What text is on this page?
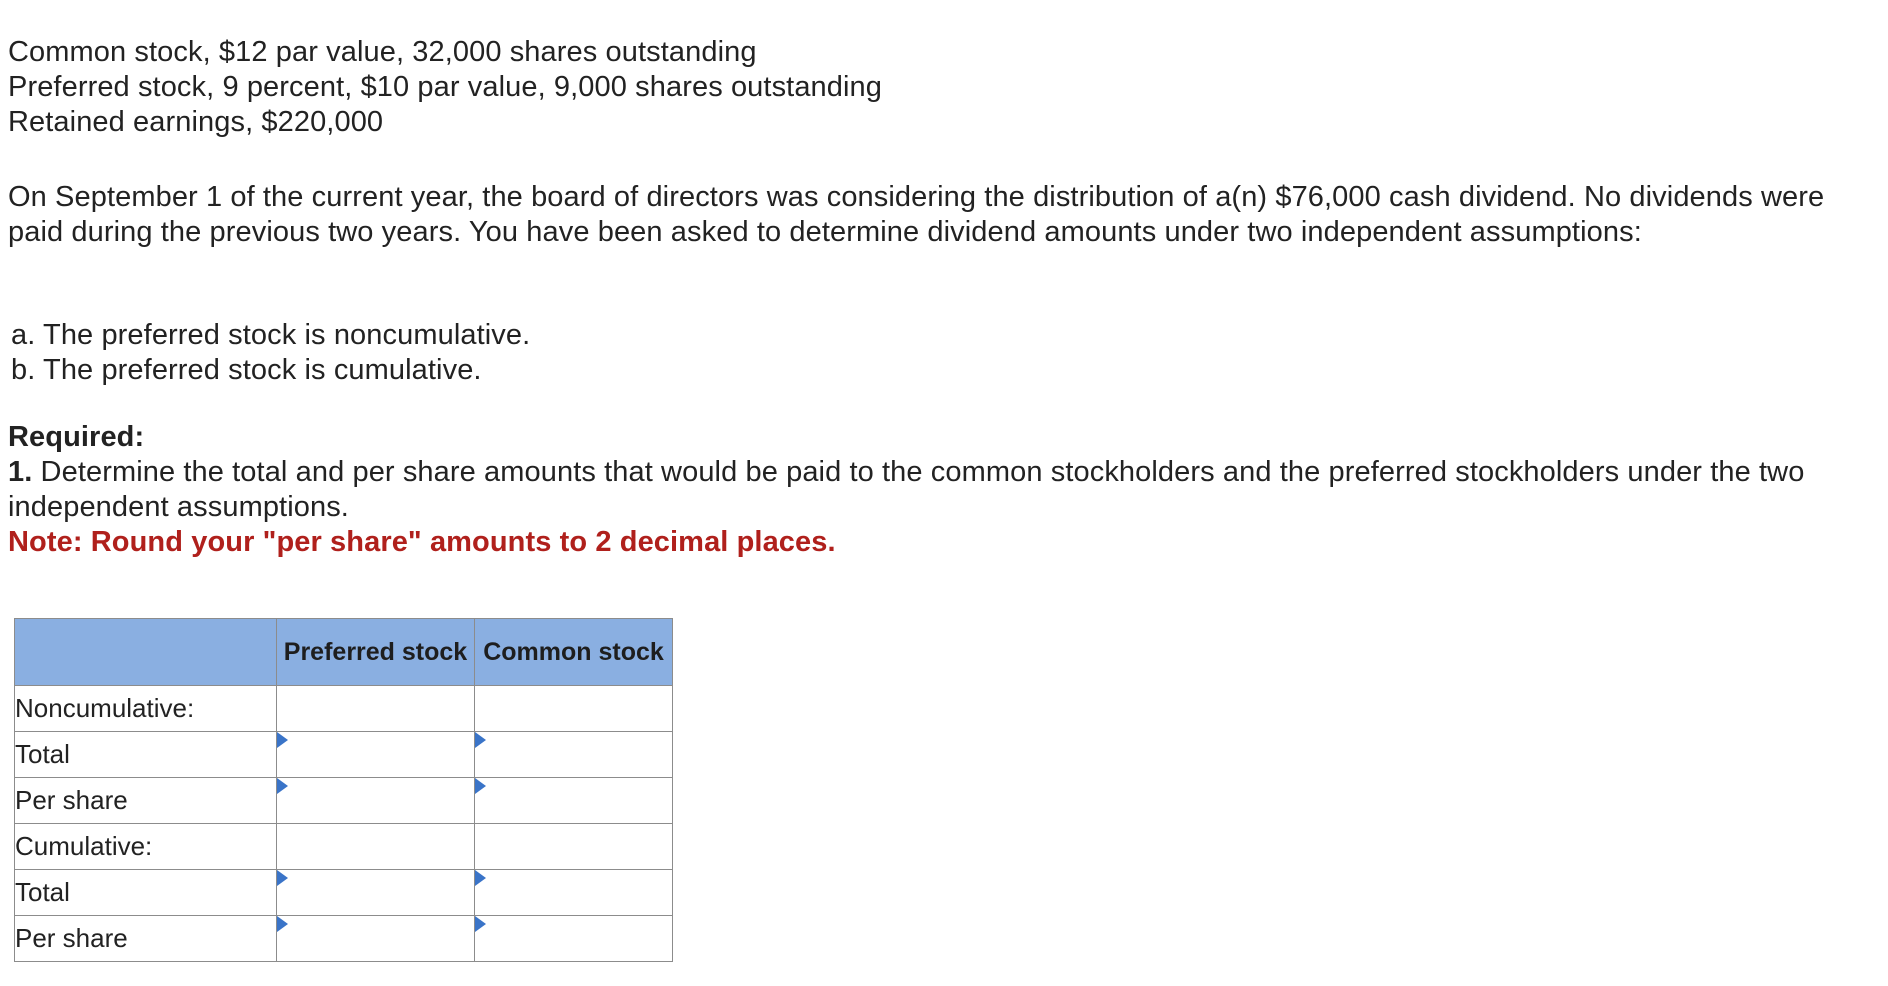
Common stock, $12 par value, 32,000 shares outstanding

Preferred stock, 9 percent, $10 par value, 9,000 shares outstanding

Retained earnings, $220,000

On September 1 of the current year, the board of directors was considering the distribution of a(n) $76,000 cash dividend. No dividends were paid during the previous two years. You have been asked to determine dividend amounts under two independent assumptions:

a. The preferred stock is noncumulative.

b. The preferred stock is cumulative.

Required:

1. Determine the total and per share amounts that would be paid to the common stockholders and the preferred stockholders under the two independent assumptions.

Note: Round your "per share" amounts to 2 decimal places.

	Preferred stock	Common stock
Noncumulative:		
Total	

Per share	

Cumulative:		
Total	

Per share	
